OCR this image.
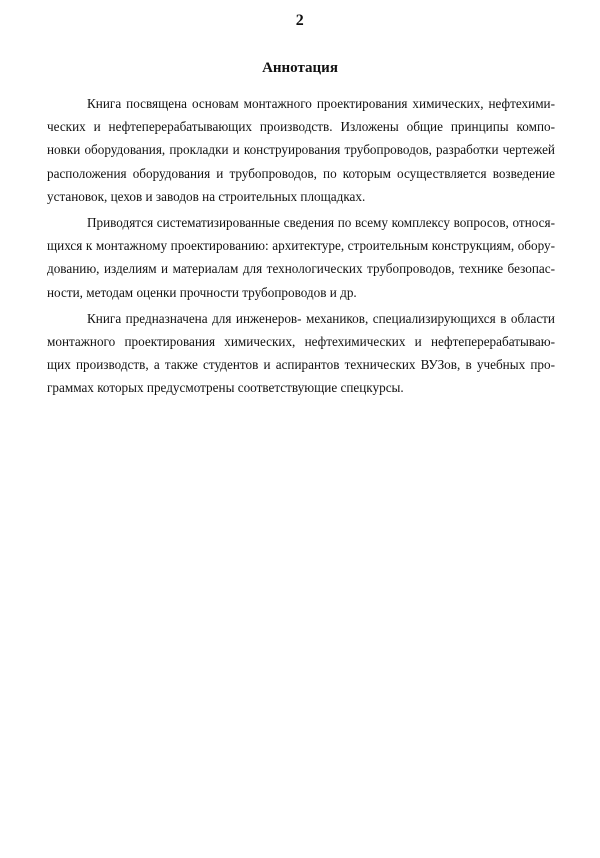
2
Аннотация
Книга посвящена основам монтажного проектирования химических, нефтехими-
ческих и нефтеперерабатывающих производств. Изложены общие принципы компо-
новки оборудования, прокладки и конструирования трубопроводов, разработки чертежей
расположения оборудования и трубопроводов, по которым осуществляется возведение
установок, цехов и заводов на строительных площадках.
Приводятся систематизированные сведения по всему комплексу вопросов, относя-
щихся к монтажному проектированию: архитектуре, строительным конструкциям, обору-
дованию, изделиям и материалам для технологических трубопроводов, технике безопас-
ности, методам оценки прочности трубопроводов и др.
Книга предназначена для инженеров- механиков, специализирующихся в области
монтажного проектирования химических, нефтехимических и нефтеперерабатываю-
щих производств, а также студентов и аспирантов технических ВУЗов, в учебных про-
граммах которых предусмотрены соответствующие спецкурсы.
